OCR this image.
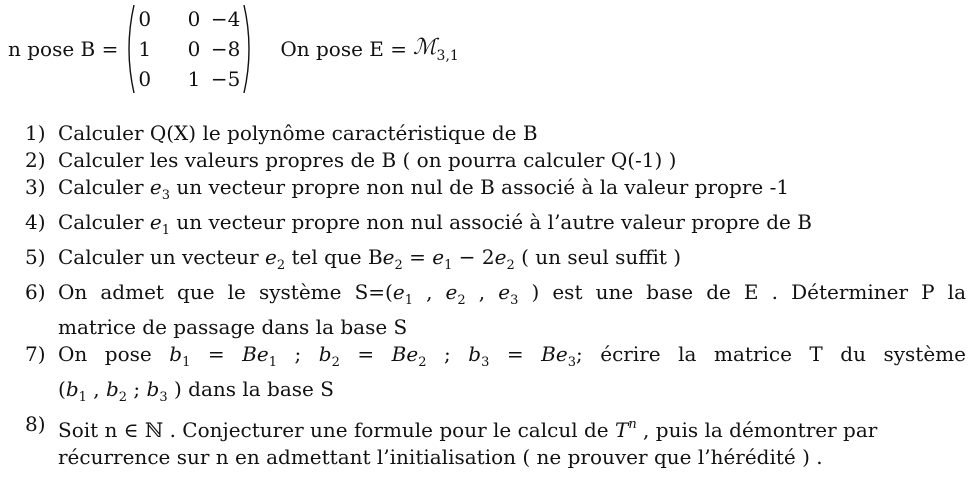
n pose B =
0	0 −4
1	0 −8
0	1 −5
On pose E = ℳ$_{3,1}$
1) Calculer Q(X) le polynôme caractéristique de B
2) Calculer les valeurs propres de B ( on pourra calculer Q(-1) )
3) Calculer $e_3$ un vecteur propre non nul de B associé à la valeur propre -1
4) Calculer $e_1$ un vecteur propre non nul associé à l’autre valeur propre de B
5) Calculer un vecteur $e_2$ tel que $Be_2 = e_1 - 2e_2$ ( un seul suffit )
6) On admet que le système $S=(e_1$ , $e_2$ , $e_3$ ) est une base de E . Déterminer P la
matrice de passage dans la base S
7) On pose $b_1 = Be_1$ ; $b_2 = Be_2$ ; $b_3 = Be_3$; écrire la matrice T du système
($b_1$ , $b_2$ ; $b_3$ ) dans la base S
8) Soit n ∈ ℕ . Conjecturer une formule pour le calcul de $T^n$ , puis la démontrer par
récurrence sur n en admettant l’initialisation ( ne prouver que l’hérédité ) .
